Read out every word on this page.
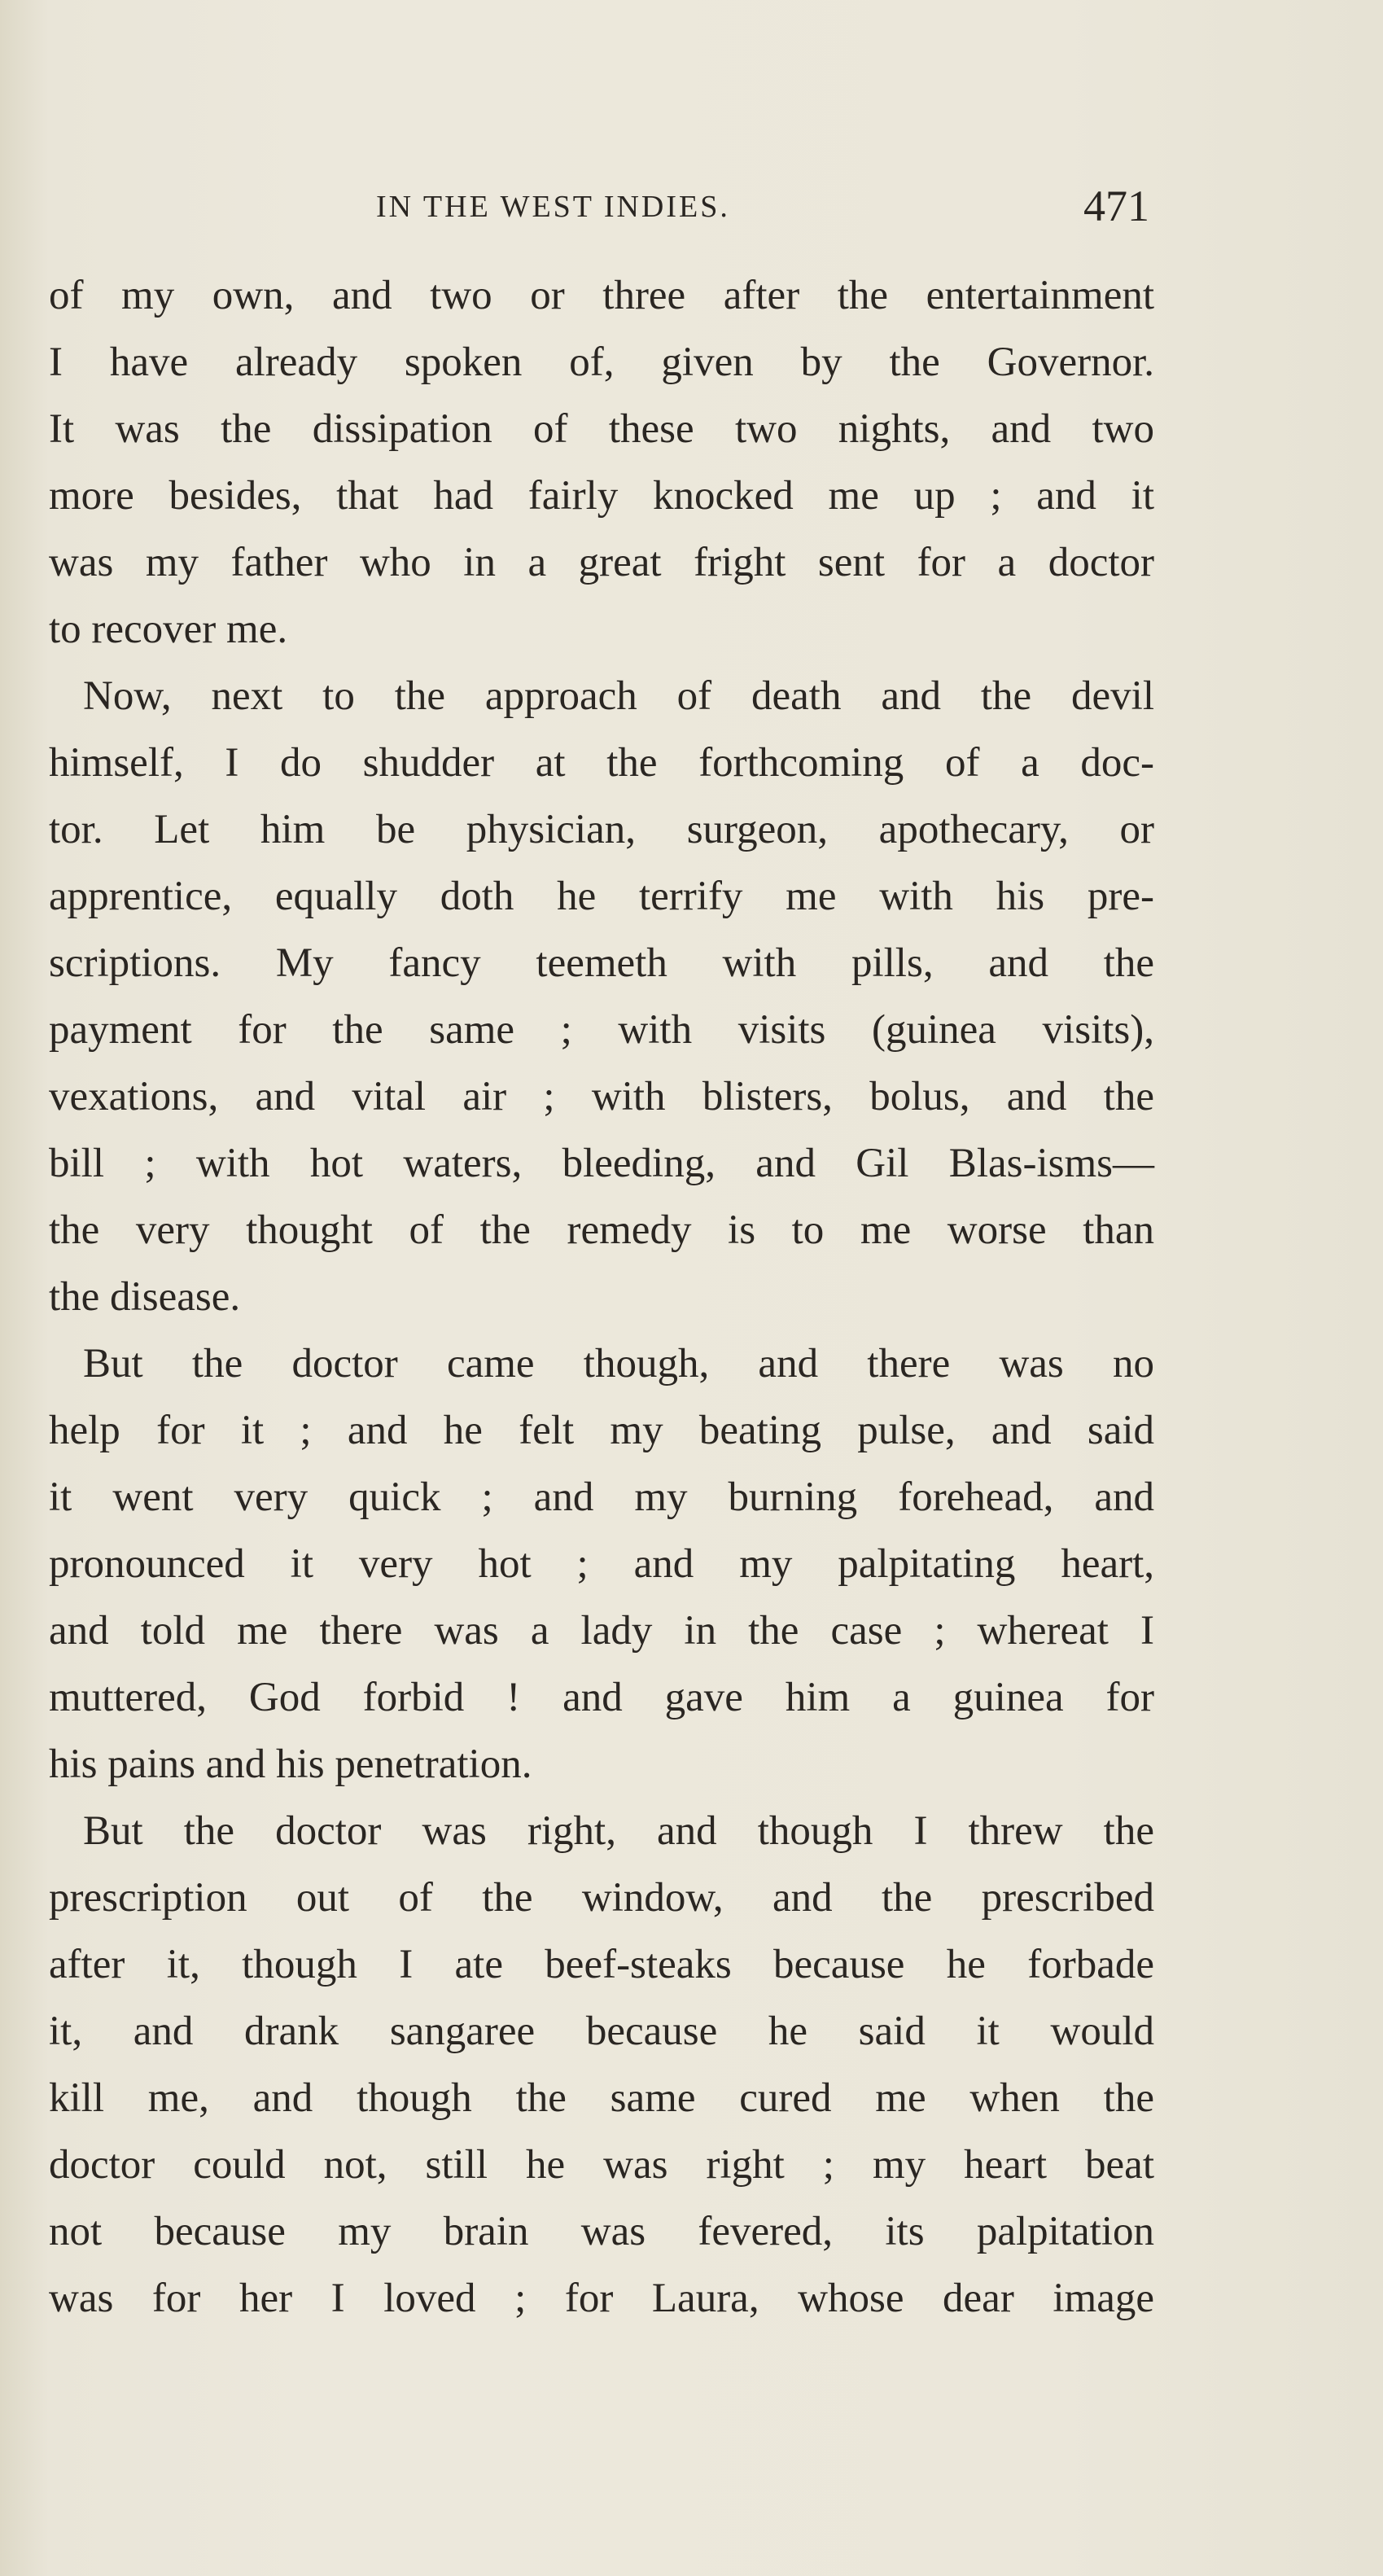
IN THE WEST INDIES.	471
of my own, and two or three after the entertainment
I have already spoken of, given by the Governor.
It was the dissipation of these two nights, and two
more besides, that had fairly knocked me up ; and it
was my father who in a great fright sent for a doctor
to recover me.
Now, next to the approach of death and the devil
himself, I do shudder at the forthcoming of a doc-
tor. Let him be physician, surgeon, apothecary, or
apprentice, equally doth he terrify me with his pre-
scriptions. My fancy teemeth with pills, and the
payment for the same ; with visits (guinea visits),
vexations, and vital air ; with blisters, bolus, and the
bill ; with hot waters, bleeding, and Gil Blas-isms—
the very thought of the remedy is to me worse than
the disease.
But the doctor came though, and there was no
help for it ; and he felt my beating pulse, and said
it went very quick ; and my burning forehead, and
pronounced it very hot ; and my palpitating heart,
and told me there was a lady in the case ; whereat I
muttered, God forbid ! and gave him a guinea for
his pains and his penetration.
But the doctor was right, and though I threw the
prescription out of the window, and the prescribed
after it, though I ate beef-steaks because he forbade
it, and drank sangaree because he said it would
kill me, and though the same cured me when the
doctor could not, still he was right ; my heart beat
not because my brain was fevered, its palpitation
was for her I loved ; for Laura, whose dear image
